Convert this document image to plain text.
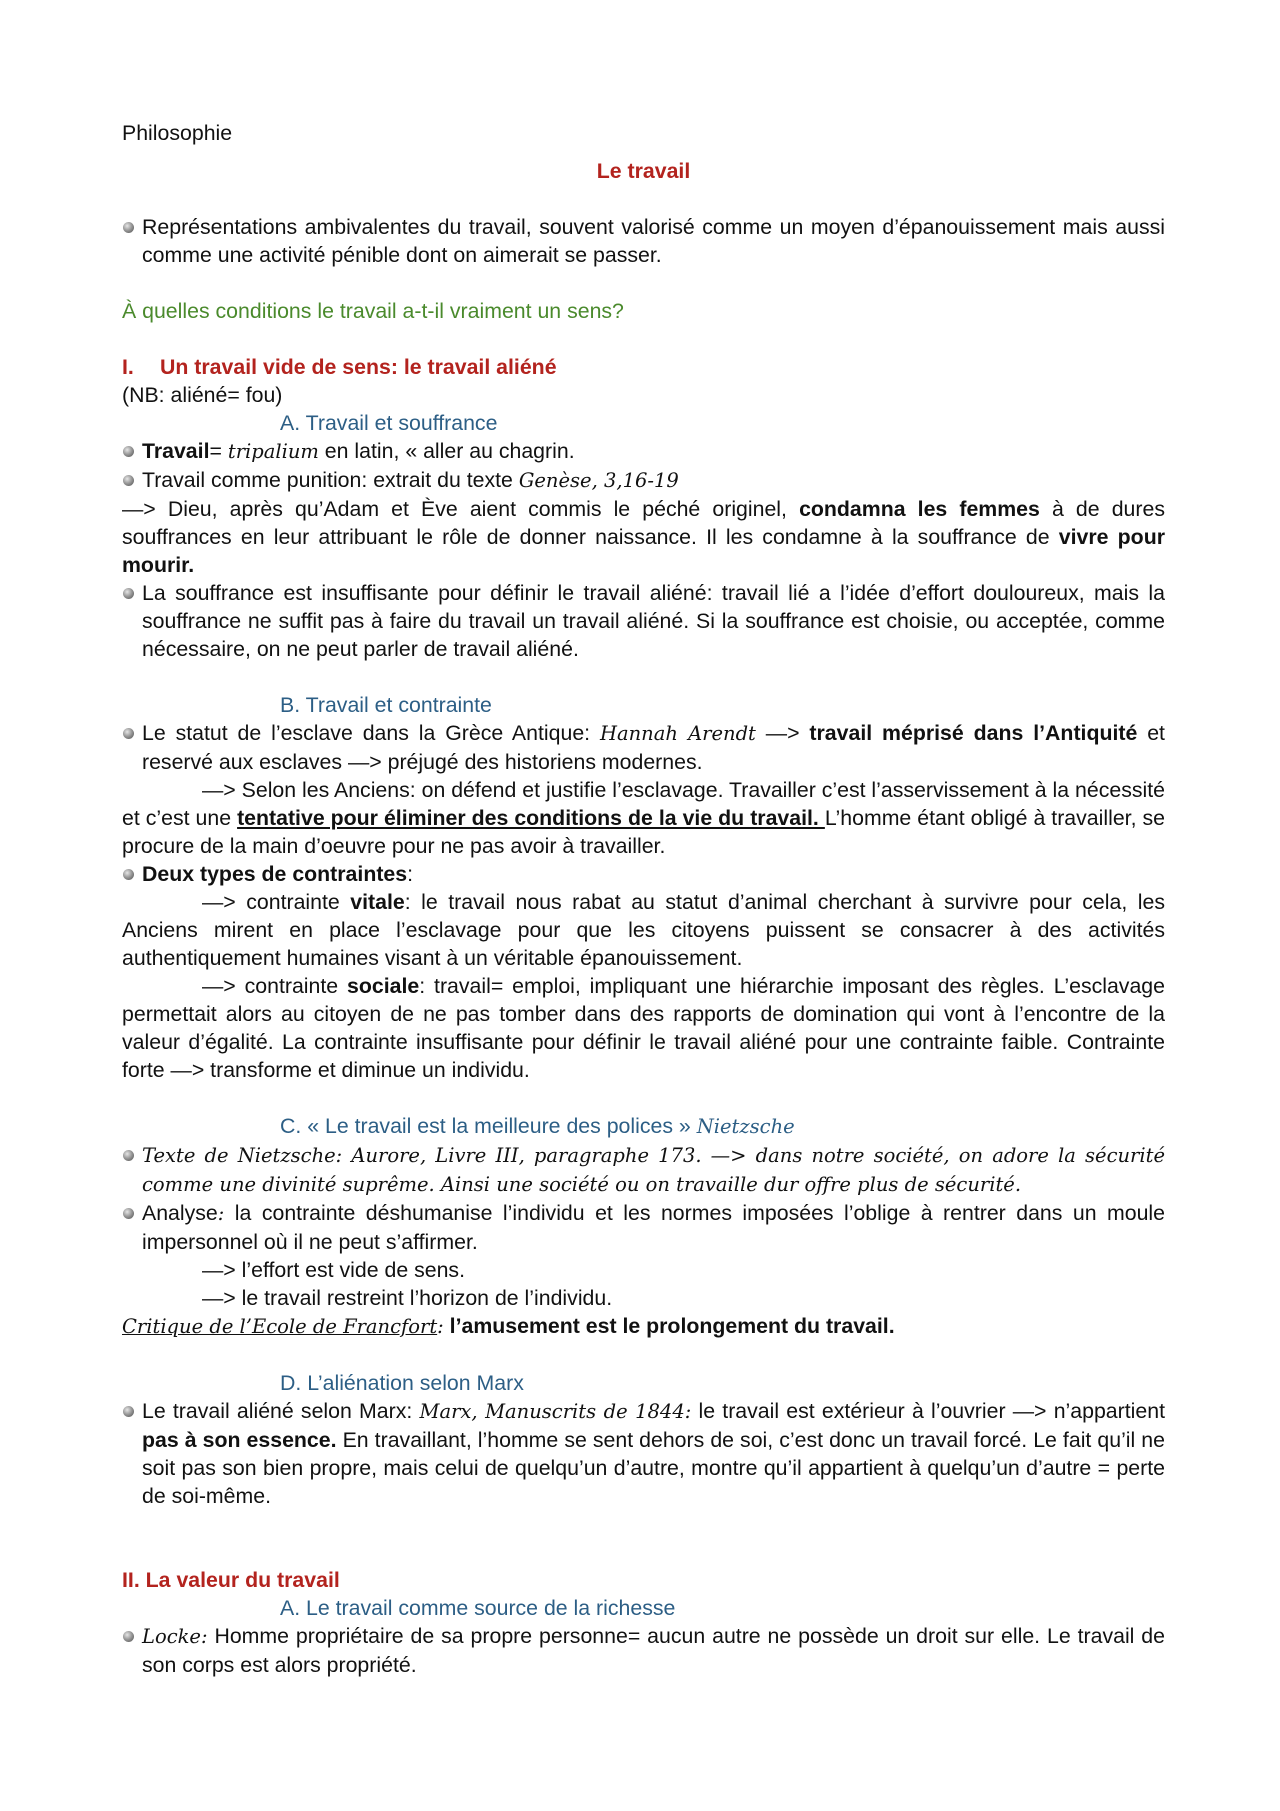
Philosophie

Le travail

Représentations ambivalentes du travail, souvent valorisé comme un moyen d’épanouissement mais aussi comme une activité pénible dont on aimerait se passer.

À quelles conditions le travail a-t-il vraiment un sens?

I. Un travail vide de sens: le travail aliéné

(NB: aliéné= fou)

A. Travail et souffrance

Travail= tripalium en latin, « aller au chagrin.
Travail comme punition: extrait du texte Genèse, 3,16-19

—> Dieu, après qu’Adam et Ève aient commis le péché originel, condamna les femmes à de dures souffrances en leur attribuant le rôle de donner naissance. Il les condamne à la souffrance de vivre pour mourir.

La souffrance est insuffisante pour définir le travail aliéné: travail lié a l’idée d’effort douloureux, mais la souffrance ne suffit pas à faire du travail un travail aliéné. Si la souffrance est choisie, ou acceptée, comme nécessaire, on ne peut parler de travail aliéné.

B. Travail et contrainte

Le statut de l’esclave dans la Grèce Antique: Hannah Arendt —> travail méprisé dans l’Antiquité et reservé aux esclaves —> préjugé des historiens modernes.

—> Selon les Anciens: on défend et justifie l’esclavage. Travailler c’est l’asservissement à la nécessité et c’est une tentative pour éliminer des conditions de la vie du travail. L’homme étant obligé à travailler, se procure de la main d’oeuvre pour ne pas avoir à travailler.

Deux types de contraintes:

—> contrainte vitale: le travail nous rabat au statut d’animal cherchant à survivre pour cela, les Anciens mirent en place l’esclavage pour que les citoyens puissent se consacrer à des activités authentiquement humaines visant à un véritable épanouissement.

—> contrainte sociale: travail= emploi, impliquant une hiérarchie imposant des règles. L’esclavage permettait alors au citoyen de ne pas tomber dans des rapports de domination qui vont à l’encontre de la valeur d’égalité. La contrainte insuffisante pour définir le travail aliéné pour une contrainte faible. Contrainte forte —> transforme et diminue un individu.

C. « Le travail est la meilleure des polices » Nietzsche

Texte de Nietzsche: Aurore, Livre III, paragraphe 173. —> dans notre société, on adore la sécurité comme une divinité suprême. Ainsi une société ou on travaille dur offre plus de sécurité.
Analyse: la contrainte déshumanise l’individu et les normes imposées l’oblige à rentrer dans un moule impersonnel où il ne peut s’affirmer.

—> l’effort est vide de sens.

—> le travail restreint l’horizon de l’individu.

Critique de l’Ecole de Francfort: l’amusement est le prolongement du travail.

D. L’aliénation selon Marx

Le travail aliéné selon Marx: Marx, Manuscrits de 1844: le travail est extérieur à l’ouvrier —> n’appartient pas à son essence. En travaillant, l’homme se sent dehors de soi, c’est donc un travail forcé. Le fait qu’il ne soit pas son bien propre, mais celui de quelqu’un d’autre, montre qu’il appartient à quelqu’un d’autre = perte de soi-même.

II. La valeur du travail

A. Le travail comme source de la richesse

Locke: Homme propriétaire de sa propre personne= aucun autre ne possède un droit sur elle. Le travail de son corps est alors propriété.
